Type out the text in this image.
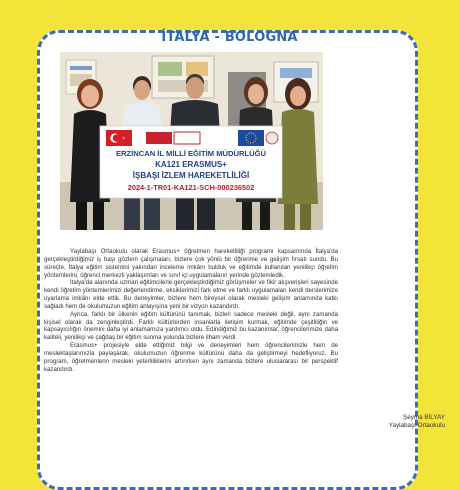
İTALYA - BOLOGNA
ERZİNCAN İL MİLLİ EĞİTİM MÜDÜRLÜĞÜ
KA121 ERASMUS+
İŞBAŞI İZLEM HAREKETLİLİĞİ
2024-1-TR01-KA121-SCH-000236502

Yaylabaşı Ortaokulu olarak Erasmus+ öğretmen hareketliliği programı kapsamında İtalya'da gerçekleştirdiğimiz iş başı gözlem çalışmaları, bizlere çok yönlü bir öğrenme ve gelişim fırsatı sundu. Bu süreçte, İtalya eğitim sistemini yakından inceleme imkânı bulduk ve eğitimde kullanılan yenilikçi öğretim yöntemlerini, öğrenci merkezli yaklaşımları ve sınıf içi uygulamaların yerinde gözlemledik.

İtalya'da alanında uzman eğitimcilerle gerçekleştirdiğimiz görüşmeler ve fikir alışverişleri sayesinde kendi öğretim yöntemlerimizi değerlendirme, eksiklerimizi fark etme ve farklı uygulamaları kendi derslerimize uyarlama imkânı elde ettik. Bu deneyimler, bizlere hem bireysel olarak mesleki gelişim anlamında katkı sağladı hem de okulumuzun eğitim anlayışına yeni bir vizyon kazandırdı.

Ayrıca, farklı bir ülkenin eğitim kültürünü tanımak, bizleri sadece mesleki değil, aynı zamanda kişisel olarak da zenginleştirdi. Farklı kültürlerden insanlarla iletişim kurmak, eğitimde çeşitliliğin ve kapsayıcılığın önemini daha iyi anlamamıza yardımcı oldu. Edindiğimiz bu kazanımlar, öğrencilerimize daha kaliteli, yenilikçi ve çağdaş bir eğitim sunma yolunda bizlere ilham verdi.

Erasmus+ projesiyle elde ettiğimiz bilgi ve deneyimleri hem öğrencilerimizle hem de meslektaşlarımızla paylaşarak, okulumuzun öğrenme kültürünü daha da geliştirmeyi hedefliyoruz. Bu program, öğretmenlerin mesleki yeterliliklerini artırırken aynı zamanda bizlere uluslararası bir perspektif kazandırdı.

Şeyma BİLYAY
Yaylabaşı Ortaokulu
